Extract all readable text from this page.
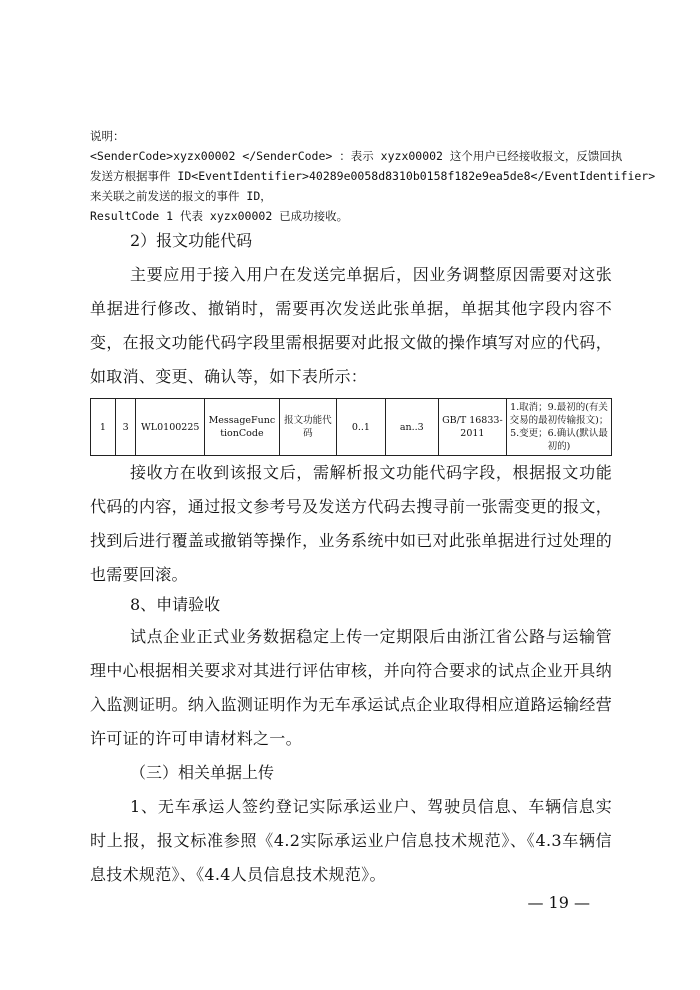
说明：
<SenderCode>xyzx00002 </SenderCode> ：表示 xyzx00002 这个用户已经接收报文，反馈回执
发送方根据事件 ID<EventIdentifier>40289e0058d8310b0158f182e9ea5de8</EventIdentifier>
来关联之前发送的报文的事件 ID，
ResultCode 1 代表 xyzx00002 已成功接收。
2）报文功能代码
主要应用于接入用户在发送完单据后，因业务调整原因需要对这张单据进行修改、撤销时，需要再次发送此张单据，单据其他字段内容不变，在报文功能代码字段里需根据要对此报文做的操作填写对应的代码，如取消、变更、确认等，如下表所示：
1	3	WL0100225	MessageFunctionCode	报文功能代码	0..1	an..3	GB/T 16833-2011	1.取消；9.最初的(有关交易的最初传输报文)；5.变更；6.确认(默认最初的)
接收方在收到该报文后，需解析报文功能代码字段，根据报文功能代码的内容，通过报文参考号及发送方代码去搜寻前一张需变更的报文，找到后进行覆盖或撤销等操作，业务系统中如已对此张单据进行过处理的也需要回滚。
8、申请验收
试点企业正式业务数据稳定上传一定期限后由浙江省公路与运输管理中心根据相关要求对其进行评估审核，并向符合要求的试点企业开具纳入监测证明。纳入监测证明作为无车承运试点企业取得相应道路运输经营许可证的许可申请材料之一。
（三）相关单据上传
1、无车承运人签约登记实际承运业户、驾驶员信息、车辆信息实时上报，报文标准参照《4.2实际承运业户信息技术规范》、《4.3车辆信息技术规范》、《4.4人员信息技术规范》。
— 19 —
